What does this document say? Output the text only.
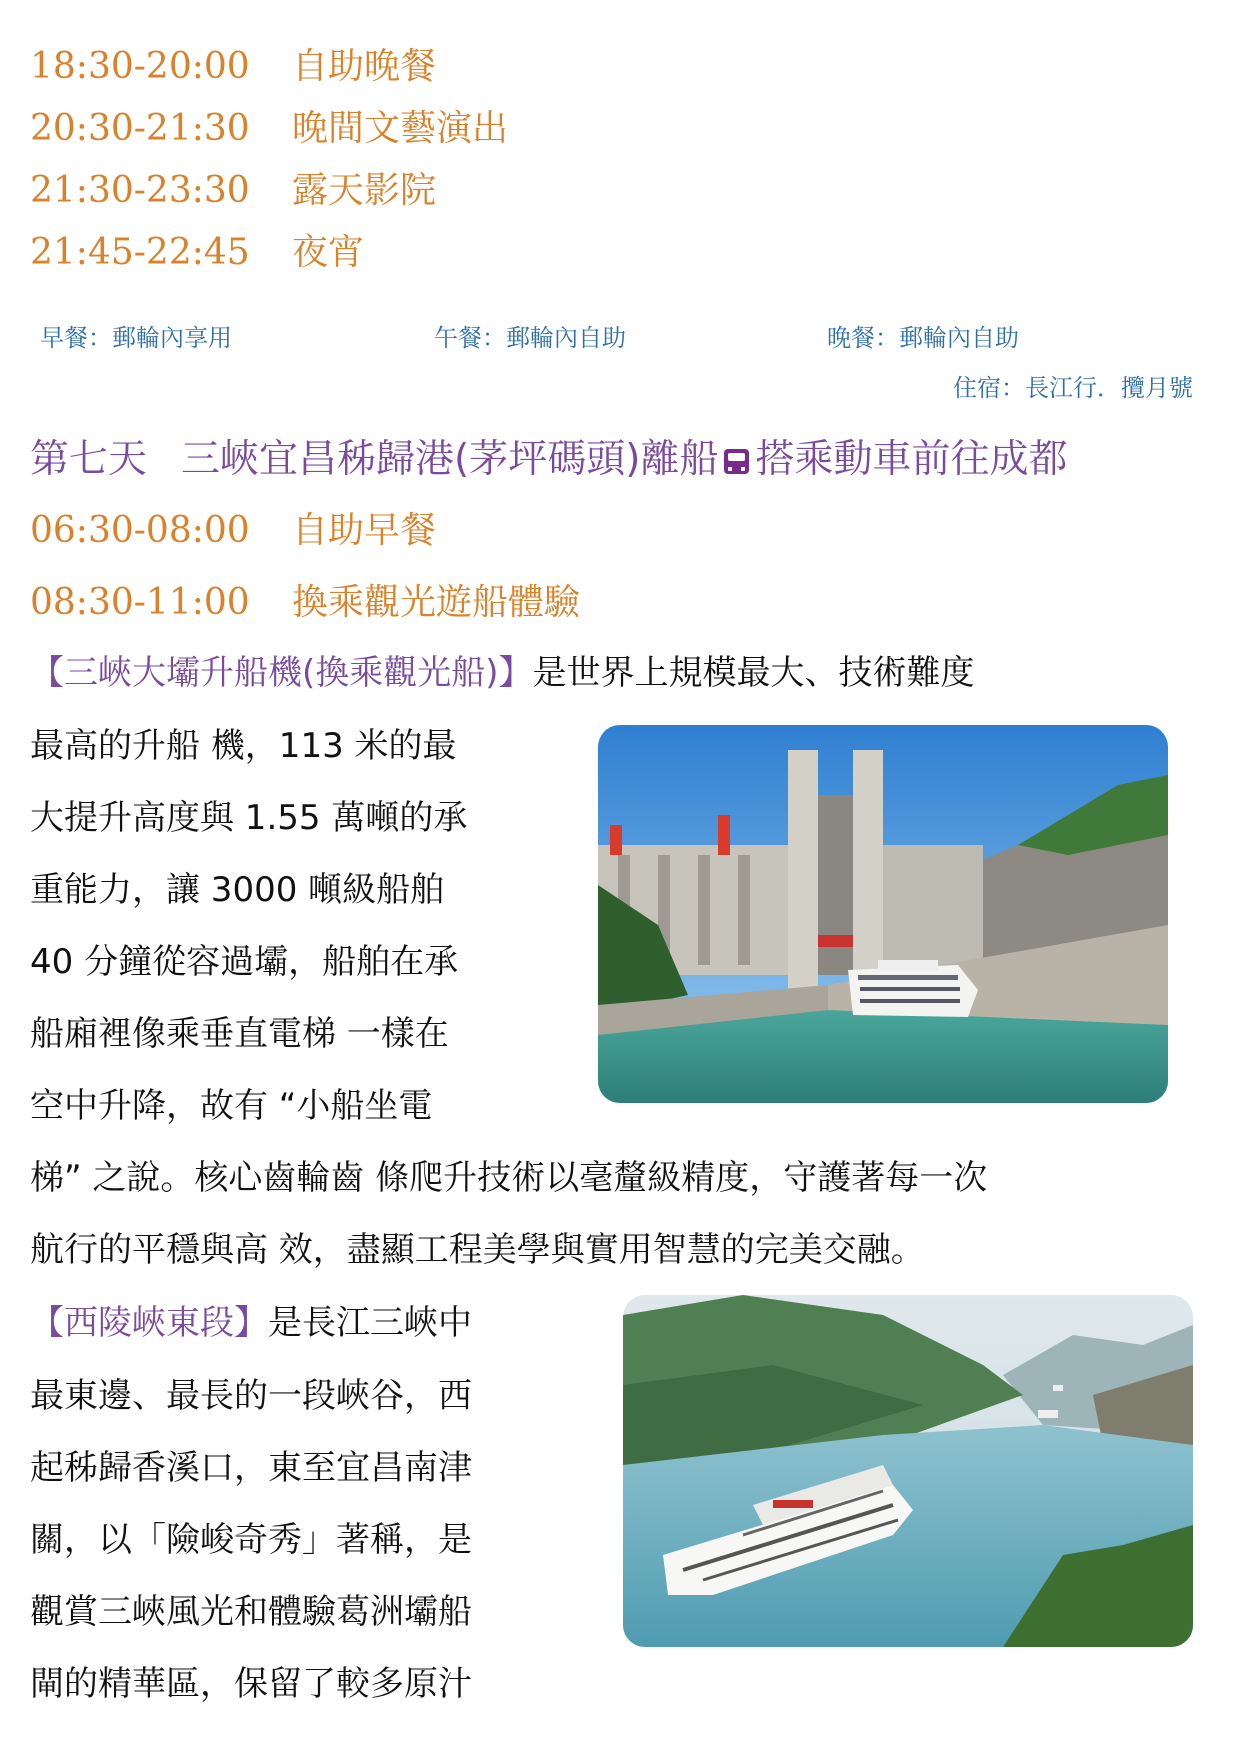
18:30-20:00 自助晚餐
20:30-21:30 晚間文藝演出
21:30-23:30 露天影院
21:45-22:45 夜宵
早餐：郵輪內享用	午餐：郵輪內自助	晚餐：郵輪內自助
住宿：長江行．攬月號
第七天 三峽宜昌秭歸港(茅坪碼頭)離船 搭乘動車前往成都
06:30-08:00 自助早餐
08:30-11:00 換乘觀光遊船體驗
【三峽大壩升船機(換乘觀光船)】是世界上規模最大、技術難度
最高的升船 機，113 米的最
大提升高度與 1.55 萬噸的承
重能力，讓 3000 噸級船舶
40 分鐘從容過壩，船舶在承
船廂裡像乘垂直電梯 一樣在
空中升降，故有 “小船坐電
梯” 之說。核心齒輪齒 條爬升技術以毫釐級精度，守護著每一次
航行的平穩與高 效，盡顯工程美學與實用智慧的完美交融。
【西陵峽東段】是長江三峽中
最東邊、最長的一段峽谷，西
起秭歸香溪口，東至宜昌南津
關，以「險峻奇秀」著稱，是
觀賞三峽風光和體驗葛洲壩船
閘的精華區，保留了較多原汁
